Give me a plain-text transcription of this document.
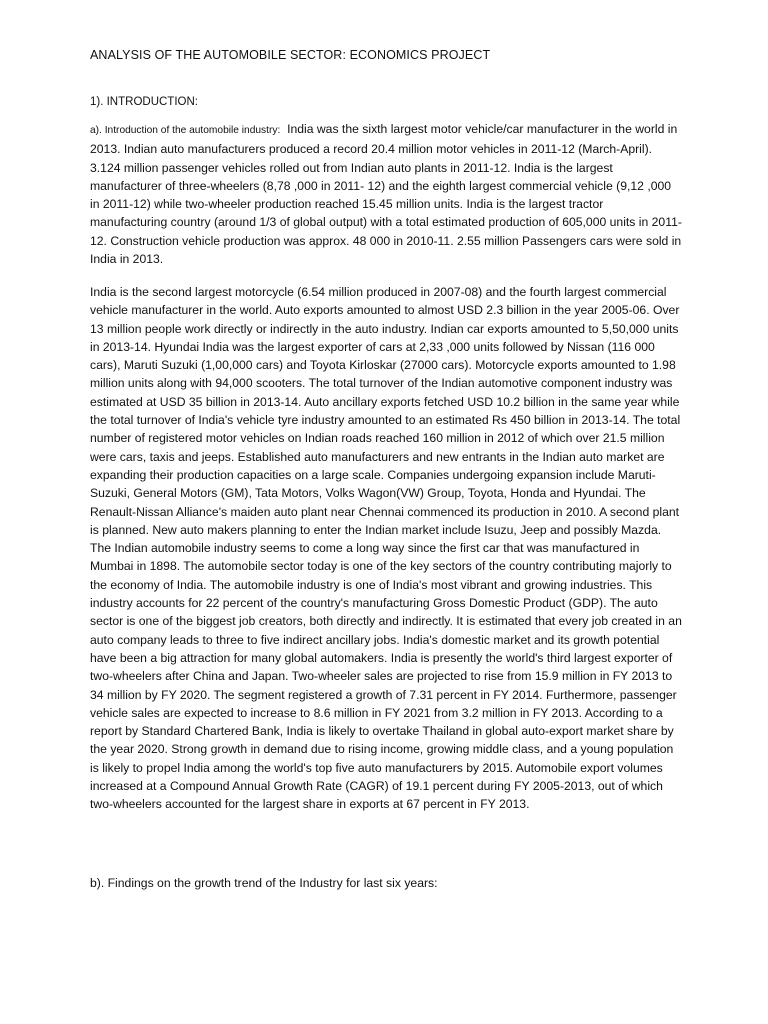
ANALYSIS OF THE AUTOMOBILE SECTOR: ECONOMICS PROJECT
1). INTRODUCTION:

a). Introduction of the automobile industry: India was the sixth largest motor vehicle/car manufacturer in the world in 2013. Indian auto manufacturers produced a record 20.4 million motor vehicles in 2011-12 (March-April). 3.124 million passenger vehicles rolled out from Indian auto plants in 2011-12. India is the largest manufacturer of three-wheelers (8,78 ,000 in 2011- 12) and the eighth largest commercial vehicle (9,12 ,000 in 2011-12) while two-wheeler production reached 15.45 million units. India is the largest tractor manufacturing country (around 1/3 of global output) with a total estimated production of 605,000 units in 2011-12. Construction vehicle production was approx. 48 000 in 2010-11. 2.55 million Passengers cars were sold in India in 2013.

India is the second largest motorcycle (6.54 million produced in 2007-08) and the fourth largest commercial vehicle manufacturer in the world. Auto exports amounted to almost USD 2.3 billion in the year 2005-06. Over 13 million people work directly or indirectly in the auto industry. Indian car exports amounted to 5,50,000 units in 2013-14. Hyundai India was the largest exporter of cars at 2,33 ,000 units followed by Nissan (116 000 cars), Maruti Suzuki (1,00,000 cars) and Toyota Kirloskar (27000 cars). Motorcycle exports amounted to 1.98 million units along with 94,000 scooters. The total turnover of the Indian automotive component industry was estimated at USD 35 billion in 2013-14. Auto ancillary exports fetched USD 10.2 billion in the same year while the total turnover of India's vehicle tyre industry amounted to an estimated Rs 450 billion in 2013-14. The total number of registered motor vehicles on Indian roads reached 160 million in 2012 of which over 21.5 million were cars, taxis and jeeps. Established auto manufacturers and new entrants in the Indian auto market are expanding their production capacities on a large scale. Companies undergoing expansion include Maruti-Suzuki, General Motors (GM), Tata Motors, Volks Wagon(VW) Group, Toyota, Honda and Hyundai. The Renault-Nissan Alliance's maiden auto plant near Chennai commenced its production in 2010. A second plant is planned. New auto makers planning to enter the Indian market include Isuzu, Jeep and possibly Mazda. The Indian automobile industry seems to come a long way since the first car that was manufactured in Mumbai in 1898. The automobile sector today is one of the key sectors of the country contributing majorly to the economy of India. The automobile industry is one of India's most vibrant and growing industries. This industry accounts for 22 percent of the country's manufacturing Gross Domestic Product (GDP). The auto sector is one of the biggest job creators, both directly and indirectly. It is estimated that every job created in an auto company leads to three to five indirect ancillary jobs. India's domestic market and its growth potential have been a big attraction for many global automakers. India is presently the world's third largest exporter of two-wheelers after China and Japan. Two-wheeler sales are projected to rise from 15.9 million in FY 2013 to 34 million by FY 2020. The segment registered a growth of 7.31 percent in FY 2014. Furthermore, passenger vehicle sales are expected to increase to 8.6 million in FY 2021 from 3.2 million in FY 2013. According to a report by Standard Chartered Bank, India is likely to overtake Thailand in global auto-export market share by the year 2020. Strong growth in demand due to rising income, growing middle class, and a young population is likely to propel India among the world's top five auto manufacturers by 2015. Automobile export volumes increased at a Compound Annual Growth Rate (CAGR) of 19.1 percent during FY 2005-2013, out of which two-wheelers accounted for the largest share in exports at 67 percent in FY 2013.

b). Findings on the growth trend of the Industry for last six years:
